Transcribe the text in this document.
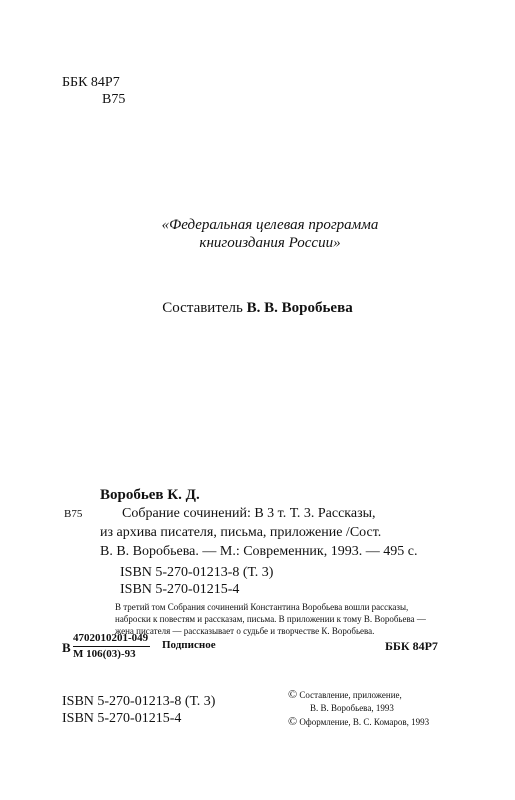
ББК 84Р7
В75
«Федеральная целевая программа
книгоиздания России»
Составитель В. В. Воробьева
Воробьев К. Д.
В75	Собрание сочинений: В 3 т. Т. 3. Рассказы,
из архива писателя, письма, приложение /Сост.
В. В. Воробьева. — М.: Современник, 1993. — 495 с.
ISBN 5-270-01213-8 (Т. 3)
ISBN 5-270-01215-4
В третий том Собрания сочинений Константина Воробьева вошли рассказы,
наброски к повестям и рассказам, письма. В приложении к тому В. Воробьева —
жена писателя — рассказывает о судьбе и творчестве К. Воробьева.
В
4702010201-049
М 106(03)-93
Подписное	ББК 84Р7
ISBN 5-270-01213-8 (Т. 3)
ISBN 5-270-01215-4
© Составление, приложение,
В. В. Воробьева, 1993
© Оформление, В. С. Комаров, 1993
